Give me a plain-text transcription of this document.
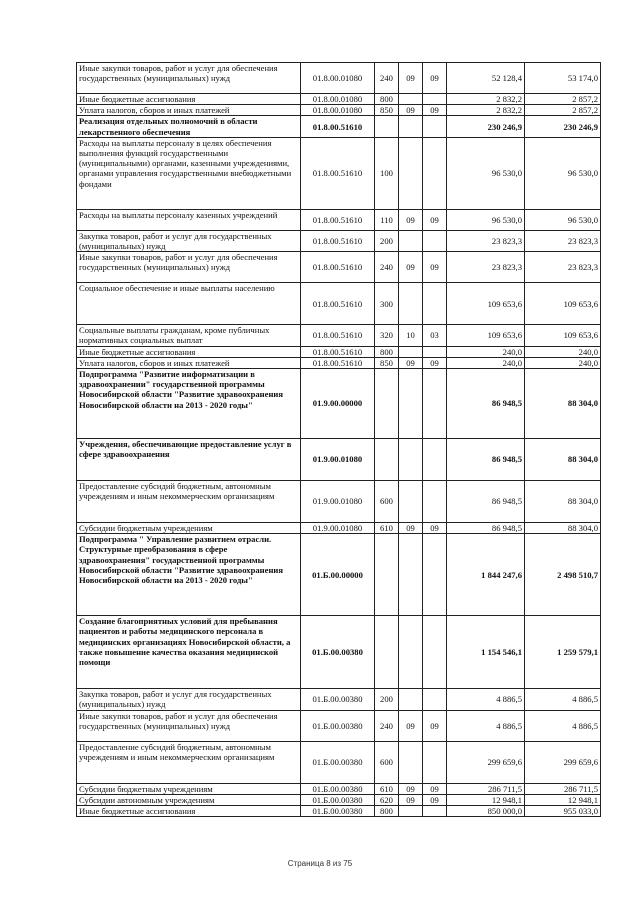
Иные закупки товаров, работ и услуг для обеспечения государственных (муниципальных) нужд	01.8.00.01080	240	09	09	52 128,4	53 174,0
Иные бюджетные ассигнования	01.8.00.01080	800			2 832,2	2 857,2
Уплата налогов, сборов и иных платежей	01.8.00.01080	850	09	09	2 832,2	2 857,2
Реализация отдельных полномочий в области лекарственного обеспечения	01.8.00.51610				230 246,9	230 246,9
Расходы на выплаты персоналу в целях обеспечения выполнения функций государственными (муниципальными) органами, казенными учреждениями, органами управления государственными внебюджетными фондами	01.8.00.51610	100			96 530,0	96 530,0
Расходы на выплаты персоналу казенных учреждений	01.8.00.51610	110	09	09	96 530,0	96 530,0
Закупка товаров, работ и услуг для государственных (муниципальных) нужд	01.8.00.51610	200			23 823,3	23 823,3
Иные закупки товаров, работ и услуг для обеспечения государственных (муниципальных) нужд	01.8.00.51610	240	09	09	23 823,3	23 823,3
Социальное обеспечение и иные выплаты населению	01.8.00.51610	300			109 653,6	109 653,6
Социальные выплаты гражданам, кроме публичных нормативных социальных выплат	01.8.00.51610	320	10	03	109 653,6	109 653,6
Иные бюджетные ассигнования	01.8.00.51610	800			240,0	240,0
Уплата налогов, сборов и иных платежей	01.8.00.51610	850	09	09	240,0	240,0
Подпрограмма "Развитие информатизации в здравоохранении" государственной программы Новосибирской области "Развитие здравоохранения Новосибирской области на 2013 - 2020 годы"	01.9.00.00000				86 948,5	88 304,0
Учреждения, обеспечивающие предоставление услуг в сфере здравоохранения	01.9.00.01080				86 948,5	88 304,0
Предоставление субсидий бюджетным, автономным учреждениям и иным некоммерческим организациям	01.9.00.01080	600			86 948,5	88 304,0
Субсидии бюджетным учреждениям	01.9.00.01080	610	09	09	86 948,5	88 304,0
Подпрограмма " Управление развитием отрасли. Структурные преобразования в сфере здравоохранения" государственной программы Новосибирской области "Развитие здравоохранения Новосибирской области на 2013 - 2020 годы"	01.Б.00.00000				1 844 247,6	2 498 510,7
Создание благоприятных условий для пребывания пациентов и работы медицинского персонала в медицинских организациях Новосибирской области, а также повышение качества оказания медицинской помощи	01.Б.00.00380				1 154 546,1	1 259 579,1
Закупка товаров, работ и услуг для государственных (муниципальных) нужд	01.Б.00.00380	200			4 886,5	4 886,5
Иные закупки товаров, работ и услуг для обеспечения государственных (муниципальных) нужд	01.Б.00.00380	240	09	09	4 886,5	4 886,5
Предоставление субсидий бюджетным, автономным учреждениям и иным некоммерческим организациям	01.Б.00.00380	600			299 659,6	299 659,6
Субсидии бюджетным учреждениям	01.Б.00.00380	610	09	09	286 711,5	286 711,5
Субсидии автономным учреждениям	01.Б.00.00380	620	09	09	12 948,1	12 948,1
Иные бюджетные ассигнования	01.Б.00.00380	800			850 000,0	955 033,0
Страница 8 из 75
